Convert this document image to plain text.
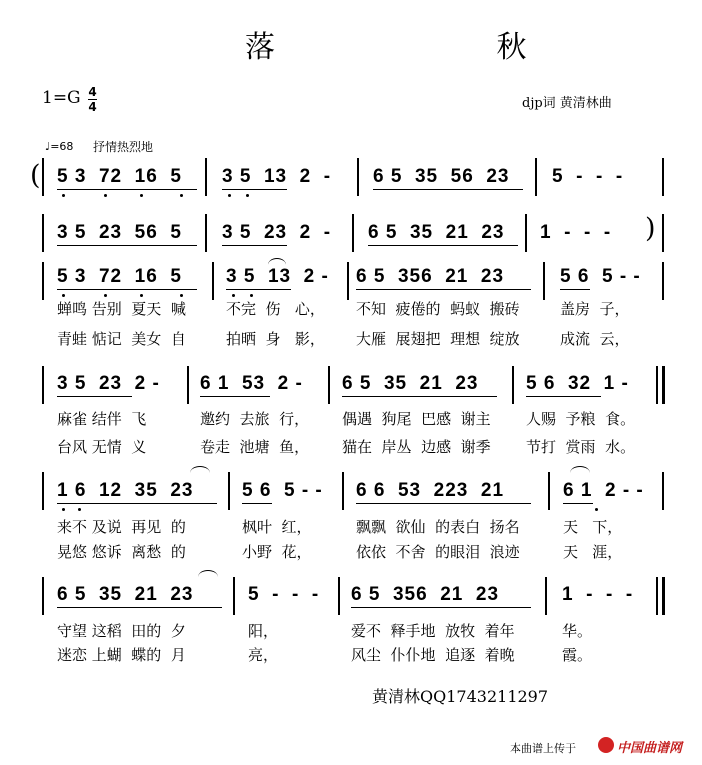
落 秋
1=G 4
4	djp词 黄清林曲
♩=68 抒情热烈地
( 5 3  72  16  5 3 5  13  2  - 6 5  35  56  23 5  -  -  -
3 5  23  56  5 3 5  23  2  - 6 5  35  21  23 1  -  -  - )
5 3  72  16  5 3 5  13  2 - 6 5  356  21  23	5 6  5 - -
蝉鸣 告别  夏天  喊	不完  伤   心， 不知  疲倦的  蚂蚁  搬砖	盖房  子，
青蛙 惦记  美女  自	拍晒  身   影， 大雁  展翅把  理想  绽放	成流  云，
3 5  23  2 - 6 1  53  2 - 6 5  35  21  23	5 6  32  1 -
麻雀 结伴  飞	邀约  去旅  行， 偶遇  狗尾  巴感  谢主 人赐  予粮  食。
台风 无情  义	卷走  池塘  鱼， 猫在  岸丛  边感  谢季 节打  赏雨  水。
1 6  12  35  23	5 6  5 - - 6 6  53  223  21	6 1  2 - -
来不 及说  再见  的	枫叶  红，	飘飘  欲仙  的表白  扬名	天   下，
晃悠 悠诉  离愁  的	小野  花，	依依  不舍  的眼泪  浪迹	天   涯，
6 5  35  21  23	5  -  -  - 6 5  356  21  23	1  -  -  -
守望 这稻  田的  夕	阳，	爱不  释手地  放牧  着年	华。
迷恋 上蝴  蝶的  月	亮，	风尘  仆仆地  追逐  着晚	霞。
黄清林QQ1743211297
本曲谱上传于	中国曲谱网
